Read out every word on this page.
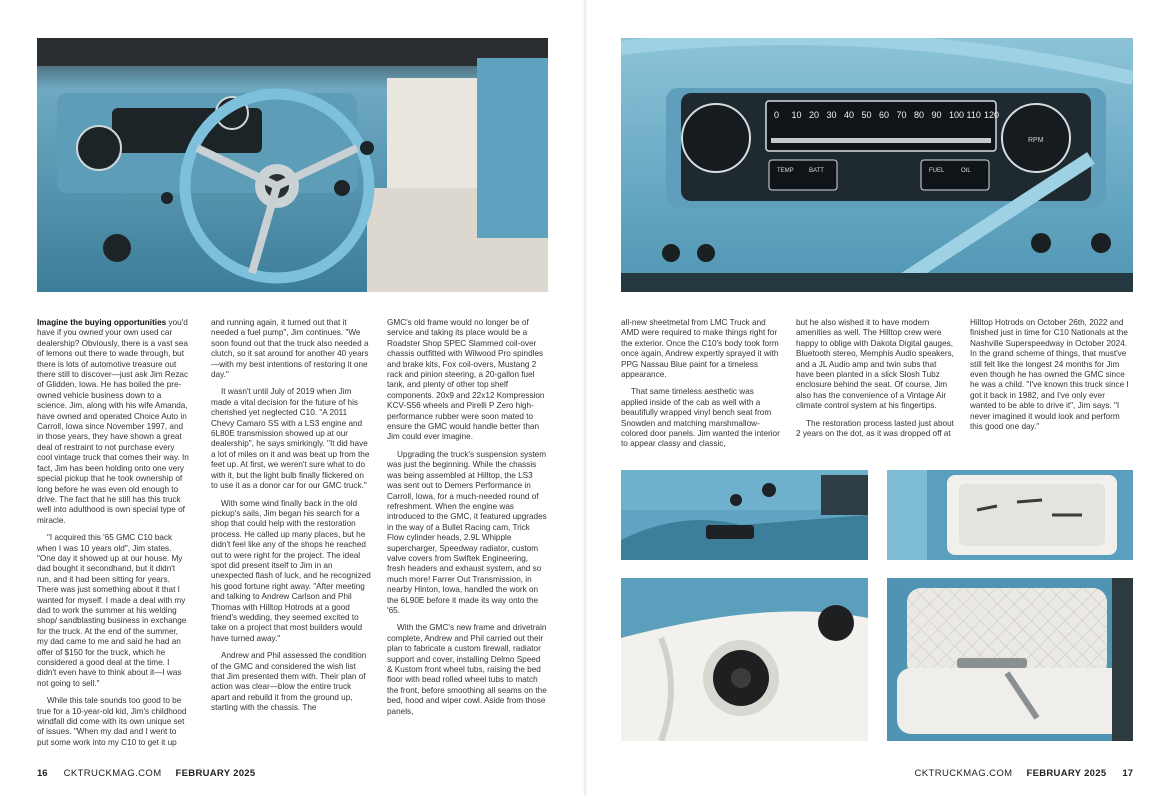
Imagine the buying opportunities you'd have if you owned your own used car dealership? Obviously, there is a vast sea of lemons out there to wade through, but there is lots of automotive treasure out there still to discover—just ask Jim Rezac of Glidden, Iowa. He has boiled the pre-owned vehicle business down to a science. Jim, along with his wife Amanda, have owned and operated Choice Auto in Carroll, Iowa since November 1997, and in those years, they have shown a great deal of restraint to not purchase every cool vintage truck that comes their way. In fact, Jim has been holding onto one very special pickup that he took ownership of long before he was even old enough to drive. The fact that he still has this truck well into adulthood is own special type of miracle.

"I acquired this '65 GMC C10 back when I was 10 years old", Jim states. "One day it showed up at our house. My dad bought it secondhand, but it didn't run, and it had been sitting for years. There was just something about it that I wanted for myself. I made a deal with my dad to work the summer at his welding shop/ sandblasting business in exchange for the truck. At the end of the summer, my dad came to me and said he had an offer of $150 for the truck, which he considered a good deal at the time. I didn't even have to think about it—I was not going to sell."

While this tale sounds too good to be true for a 10-year-old kid, Jim's childhood windfall did come with its own unique set of issues. "When my dad and I went to put some work into my C10 to get it up

and running again, it turned out that it needed a fuel pump", Jim continues. "We soon found out that the truck also needed a clutch, so it sat around for another 40 years—with my best intentions of restoring it one day."

It wasn't until July of 2019 when Jim made a vital decision for the future of his cherished yet neglected C10. "A 2011 Chevy Camaro SS with a LS3 engine and 6L80E transmission showed up at our dealership", he says smirkingly. "It did have a lot of miles on it and was beat up from the feet up. At first, we weren't sure what to do with it, but the light bulb finally flickered on to use it as a donor car for our GMC truck."

With some wind finally back in the old pickup's sails, Jim began his search for a shop that could help with the restoration process. He called up many places, but he didn't feel like any of the shops he reached out to were right for the project. The ideal spot did present itself to Jim in an unexpected flash of luck, and he recognized his good fortune right away. "After meeting and talking to Andrew Carlson and Phil Thomas with Hilltop Hotrods at a good friend's wedding, they seemed excited to take on a project that most builders would have turned away."

Andrew and Phil assessed the condition of the GMC and considered the wish list that Jim presented them with. Their plan of action was clear—blow the entire truck apart and rebuild it from the ground up, starting with the chassis. The

GMC's old frame would no longer be of service and taking its place would be a Roadster Shop SPEC Slammed coil-over chassis outfitted with Wilwood Pro spindles and brake kits, Fox coil-overs, Mustang 2 rack and pinion steering, a 20-gallon fuel tank, and plenty of other top shelf components. 20x9 and 22x12 Kompression KCV-S56 wheels and Pirelli P Zero high-performance rubber were soon mated to ensure the GMC would handle better than Jim could ever imagine.

Upgrading the truck's suspension system was just the beginning. While the chassis was being assembled at Hilltop, the LS3 was sent out to Demers Performance in Carroll, Iowa, for a much-needed round of refreshment. When the engine was introduced to the GMC, it featured upgrades in the way of a Bullet Racing cam, Trick Flow cylinder heads, 2.9L Whipple supercharger, Speedway radiator, custom valve covers from Swiftek Engineering, fresh headers and exhaust system, and so much more! Farrer Out Transmission, in nearby Hinton, Iowa, handled the work on the 6L90E before it made its way onto the '65.

With the GMC's new frame and drivetrain complete, Andrew and Phil carried out their plan to fabricate a custom firewall, radiator support and cover, installing Delmo Speed & Kustom front wheel tubs, raising the bed floor with bead rolled wheel tubs to match the front, before smoothing all seams on the bed, hood and wiper cowl. Aside from those panels,

16 CKTRUCKMAG.COM FEBRUARY 2025
RPM
0 10 20 30 40 50 60 70 80 90 100 110 120
TEMP	BATT	FUEL	OIL

all-new sheetmetal from LMC Truck and AMD were required to make things right for the exterior. Once the C10's body took form once again, Andrew expertly sprayed it with PPG Nassau Blue paint for a timeless appearance.

That same timeless aesthetic was applied inside of the cab as well with a beautifully wrapped vinyl bench seat from Snowden and matching marshmallow-colored door panels. Jim wanted the interior to appear classy and classic,

but he also wished it to have modern amenities as well. The Hilltop crew were happy to oblige with Dakota Digital gauges, Bluetooth stereo, Memphis Audio speakers, and a JL Audio amp and twin subs that have been planted in a slick Slosh Tubz enclosure behind the seat. Of course, Jim also has the convenience of a Vintage Air climate control system at his fingertips.

The restoration process lasted just about 2 years on the dot, as it was dropped off at

Hilltop Hotrods on October 26th, 2022 and finished just in time for C10 Nationals at the Nashville Superspeedway in October 2024. In the grand scheme of things, that must've still felt like the longest 24 months for Jim even though he has owned the GMC since he was a child. "I've known this truck since I got it back in 1982, and I've only ever wanted to be able to drive it", Jim says. "I never imagined it would look and perform this good one day."

CKTRUCKMAG.COM FEBRUARY 2025 17
